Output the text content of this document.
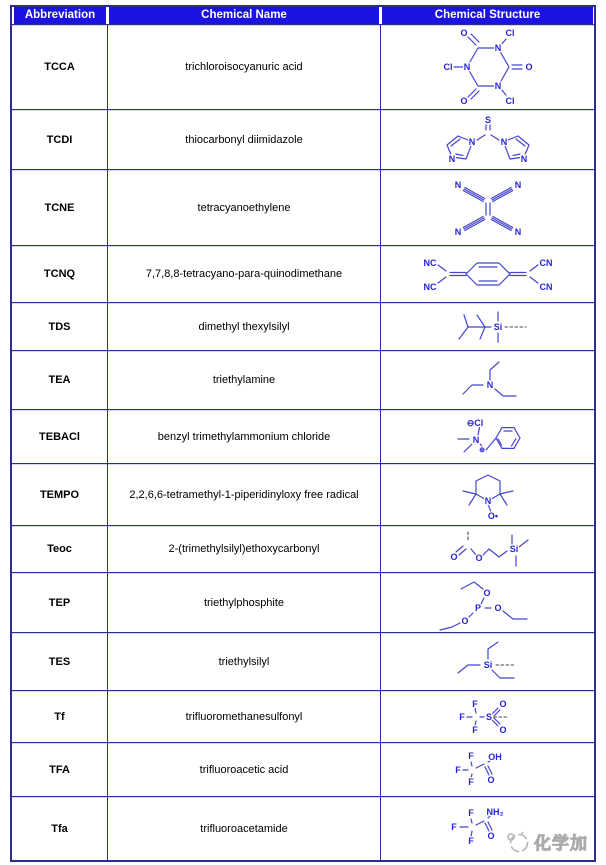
Abbreviation	Chemical Name	Chemical Structure
TCCA	trichloroisocyanuric acid
O	Cl
O
Cl
O
Cl
N
N
N
TCDI	thiocarbonyl diimidazole
S
N	N
N	N
TCNE	tetracyanoethylene
N	N
N	N
TCNQ	7,7,8,8-tetracyano-para-quinodimethane
NC
NC
CN
CN
TDS	dimethyl thexylsilyl	Si
TEA	triethylamine	N
TEBACl	benzyl trimethylammonium chloride
⊖Cl
N
⊕
TEMPO	2,2,6,6-tetramethyl-1-piperidinyloxy free radical	N
O•
Teoc	2-(trimethylsilyl)ethoxycarbonyl
O O
Si
TEP	triethylphosphite
O
O
O
P
TES	triethylsilyl	Si
Tf	trifluoromethanesulfonyl
F
F
F
S
O
O
TFA	trifluoroacetic acid
F
F
F
OH
O
Tfa	trifluoroacetamide
F
F
F
NH₂
O 化学加
